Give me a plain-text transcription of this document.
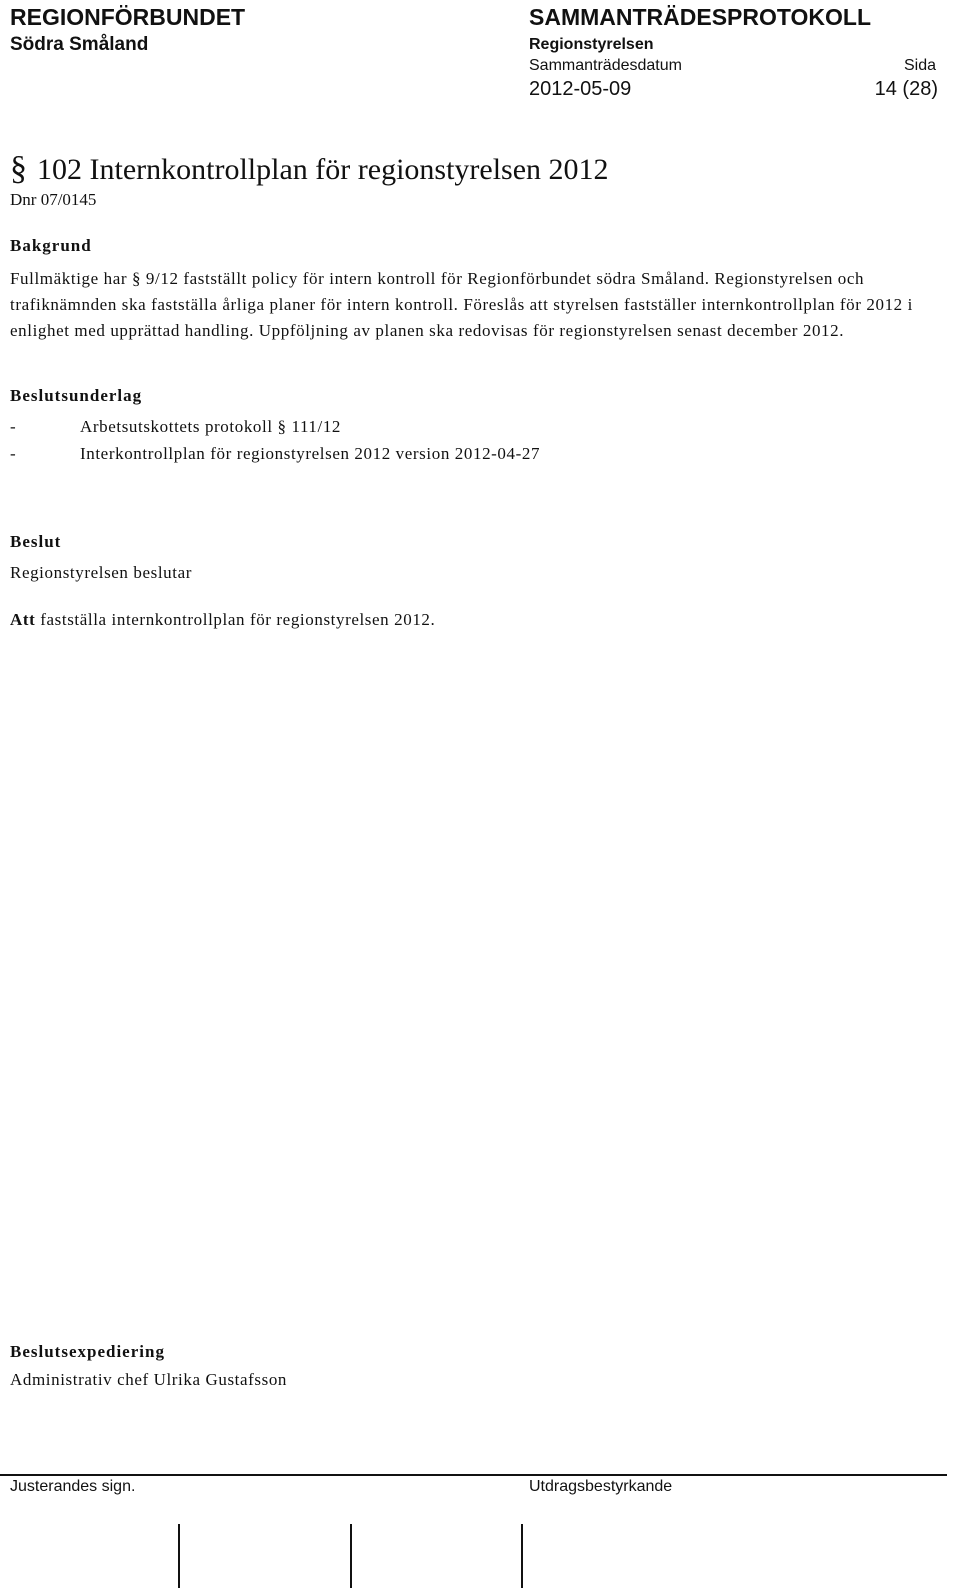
REGIONFÖRBUNDET
Södra Småland
SAMMANTRÄDESPROTOKOLL
Regionstyrelsen
Sammanträdesdatum	Sida
2012-05-09	14 (28)
§ 102 Internkontrollplan för regionstyrelsen 2012
Dnr 07/0145
Bakgrund
Fullmäktige har § 9/12 fastställt policy för intern kontroll för Regionförbundet södra Småland. Regionstyrelsen och trafiknämnden ska fastställa årliga planer för intern kontroll. Föreslås att styrelsen fastställer internkontrollplan för 2012 i enlighet med upprättad handling. Uppföljning av planen ska redovisas för regionstyrelsen senast december 2012.
Beslutsunderlag
-	Arbetsutskottets protokoll § 111/12
-	Interkontrollplan för regionstyrelsen 2012 version 2012-04-27
Beslut
Regionstyrelsen beslutar
Att fastställa internkontrollplan för regionstyrelsen 2012.
Beslutsexpediering
Administrativ chef Ulrika Gustafsson
Justerandes sign.	Utdragsbestyrkande
